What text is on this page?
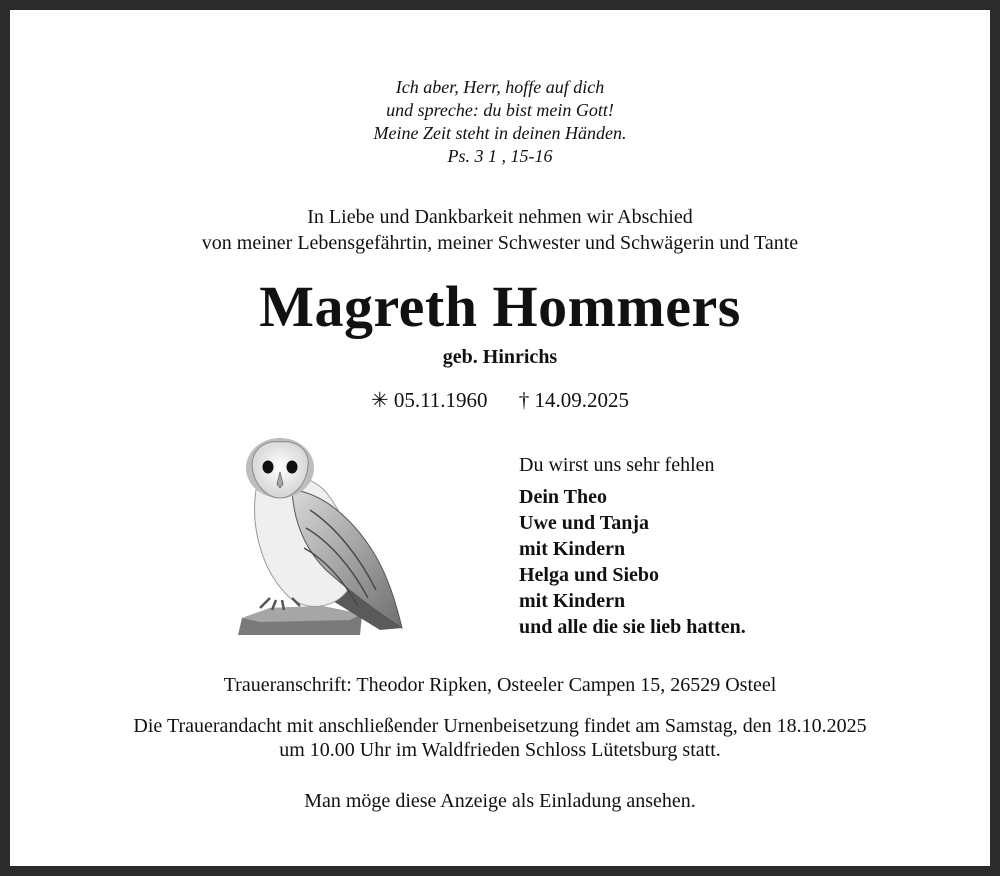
Ich aber, Herr, hoffe auf dich
und spreche: du bist mein Gott!
Meine Zeit steht in deinen Händen.
Ps. 3 1 , 15-16
In Liebe und Dankbarkeit nehmen wir Abschied
von meiner Lebensgefährtin, meiner Schwester und Schwägerin und Tante
Magreth Hommers
geb. Hinrichs
✳ 05.11.1960 † 14.09.2025
Du wirst uns sehr fehlen
Dein Theo
Uwe und Tanja
mit Kindern
Helga und Siebo
mit Kindern
und alle die sie lieb hatten.
Traueranschrift: Theodor Ripken, Osteeler Campen 15, 26529 Osteel
Die Trauerandacht mit anschließender Urnenbeisetzung findet am Samstag, den 18.10.2025
um 10.00 Uhr im Waldfrieden Schloss Lütetsburg statt.
Man möge diese Anzeige als Einladung ansehen.
